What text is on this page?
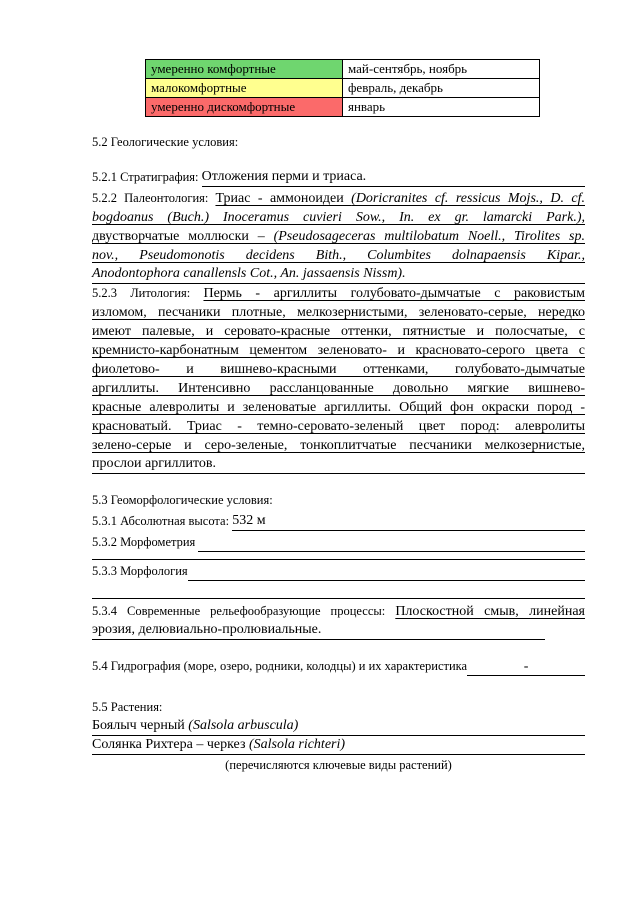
умеренно комфортные	май-сентябрь, ноябрь
малокомфортные	февраль, декабрь
умеренно дискомфортные	январь
5.2 Геологические условия:
5.2.1 Стратиграфия: Отложения перми и триаса.
5.2.2 Палеонтология: Триас - аммоноидеи (Doricranites cf. ressicus Mojs., D. cf.
bogdoanus (Buch.) Inoceramus cuvieri Sow., In. ex gr. lamarcki Park.),
двустворчатые моллюски – (Pseudosageceras multilobatum Noell., Tirolites sp.
nov., Pseudomonotis decidens Bith., Columbites dolnapaensis Kipar.,
Anodontophora canallensls Cot., An. jassaensis Nissm).
5.2.3 Литология: Пермь - аргиллиты голубовато-дымчатые с раковистым
изломом, песчаники плотные, мелкозернистыми, зеленовато-серые, нередко
имеют палевые, и серовато-красные оттенки, пятнистые и полосчатые, с
кремнисто-карбонатным цементом зеленовато- и красновато-серого цвета с
фиолетово- и вишнево-красными оттенками, голубовато-дымчатые
аргиллиты. Интенсивно рассланцованные довольно мягкие вишнево-
красные алевролиты и зеленоватые аргиллиты. Общий фон окраски пород -
красноватый. Триас - темно-серовато-зеленый цвет пород: алевролиты
зелено-серые и серо-зеленые, тонкоплитчатые песчаники мелкозернистые,
прослои аргиллитов.
5.3 Геоморфологические условия:
5.3.1 Абсолютная высота: 532 м
5.3.2 Морфометрия
5.3.3 Морфология
5.3.4 Современные рельефообразующие процессы: Плоскостной смыв, линейная
эрозия, делювиально-пролювиальные.
5.4 Гидрография (море, озеро, родники, колодцы) и их характеристика	-
5.5 Растения:
Боялыч черный (Salsola arbuscula)
Солянка Рихтера – черкез (Salsola richteri)
(перечисляются ключевые виды растений)
